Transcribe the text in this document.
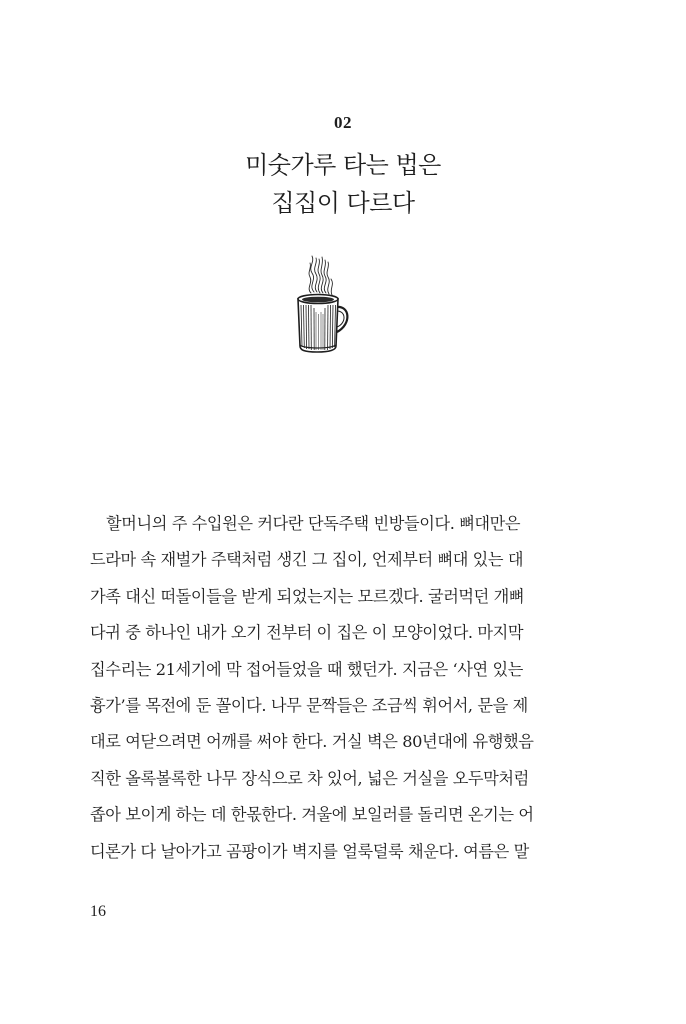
02
미숫가루 타는 법은
집집이 다르다
할머니의 주 수입원은 커다란 단독주택 빈방들이다. 뼈대만은
드라마 속 재벌가 주택처럼 생긴 그 집이, 언제부터 뼈대 있는 대
가족 대신 떠돌이들을 받게 되었는지는 모르겠다. 굴러먹던 개뼈
다귀 중 하나인 내가 오기 전부터 이 집은 이 모양이었다. 마지막
집수리는 21세기에 막 접어들었을 때 했던가. 지금은 ‘사연 있는
흉가’를 목전에 둔 꼴이다. 나무 문짝들은 조금씩 휘어서, 문을 제
대로 여닫으려면 어깨를 써야 한다. 거실 벽은 80년대에 유행했음
직한 올록볼록한 나무 장식으로 차 있어, 넓은 거실을 오두막처럼
좁아 보이게 하는 데 한몫한다. 겨울에 보일러를 돌리면 온기는 어
디론가 다 날아가고 곰팡이가 벽지를 얼룩덜룩 채운다. 여름은 말
16
